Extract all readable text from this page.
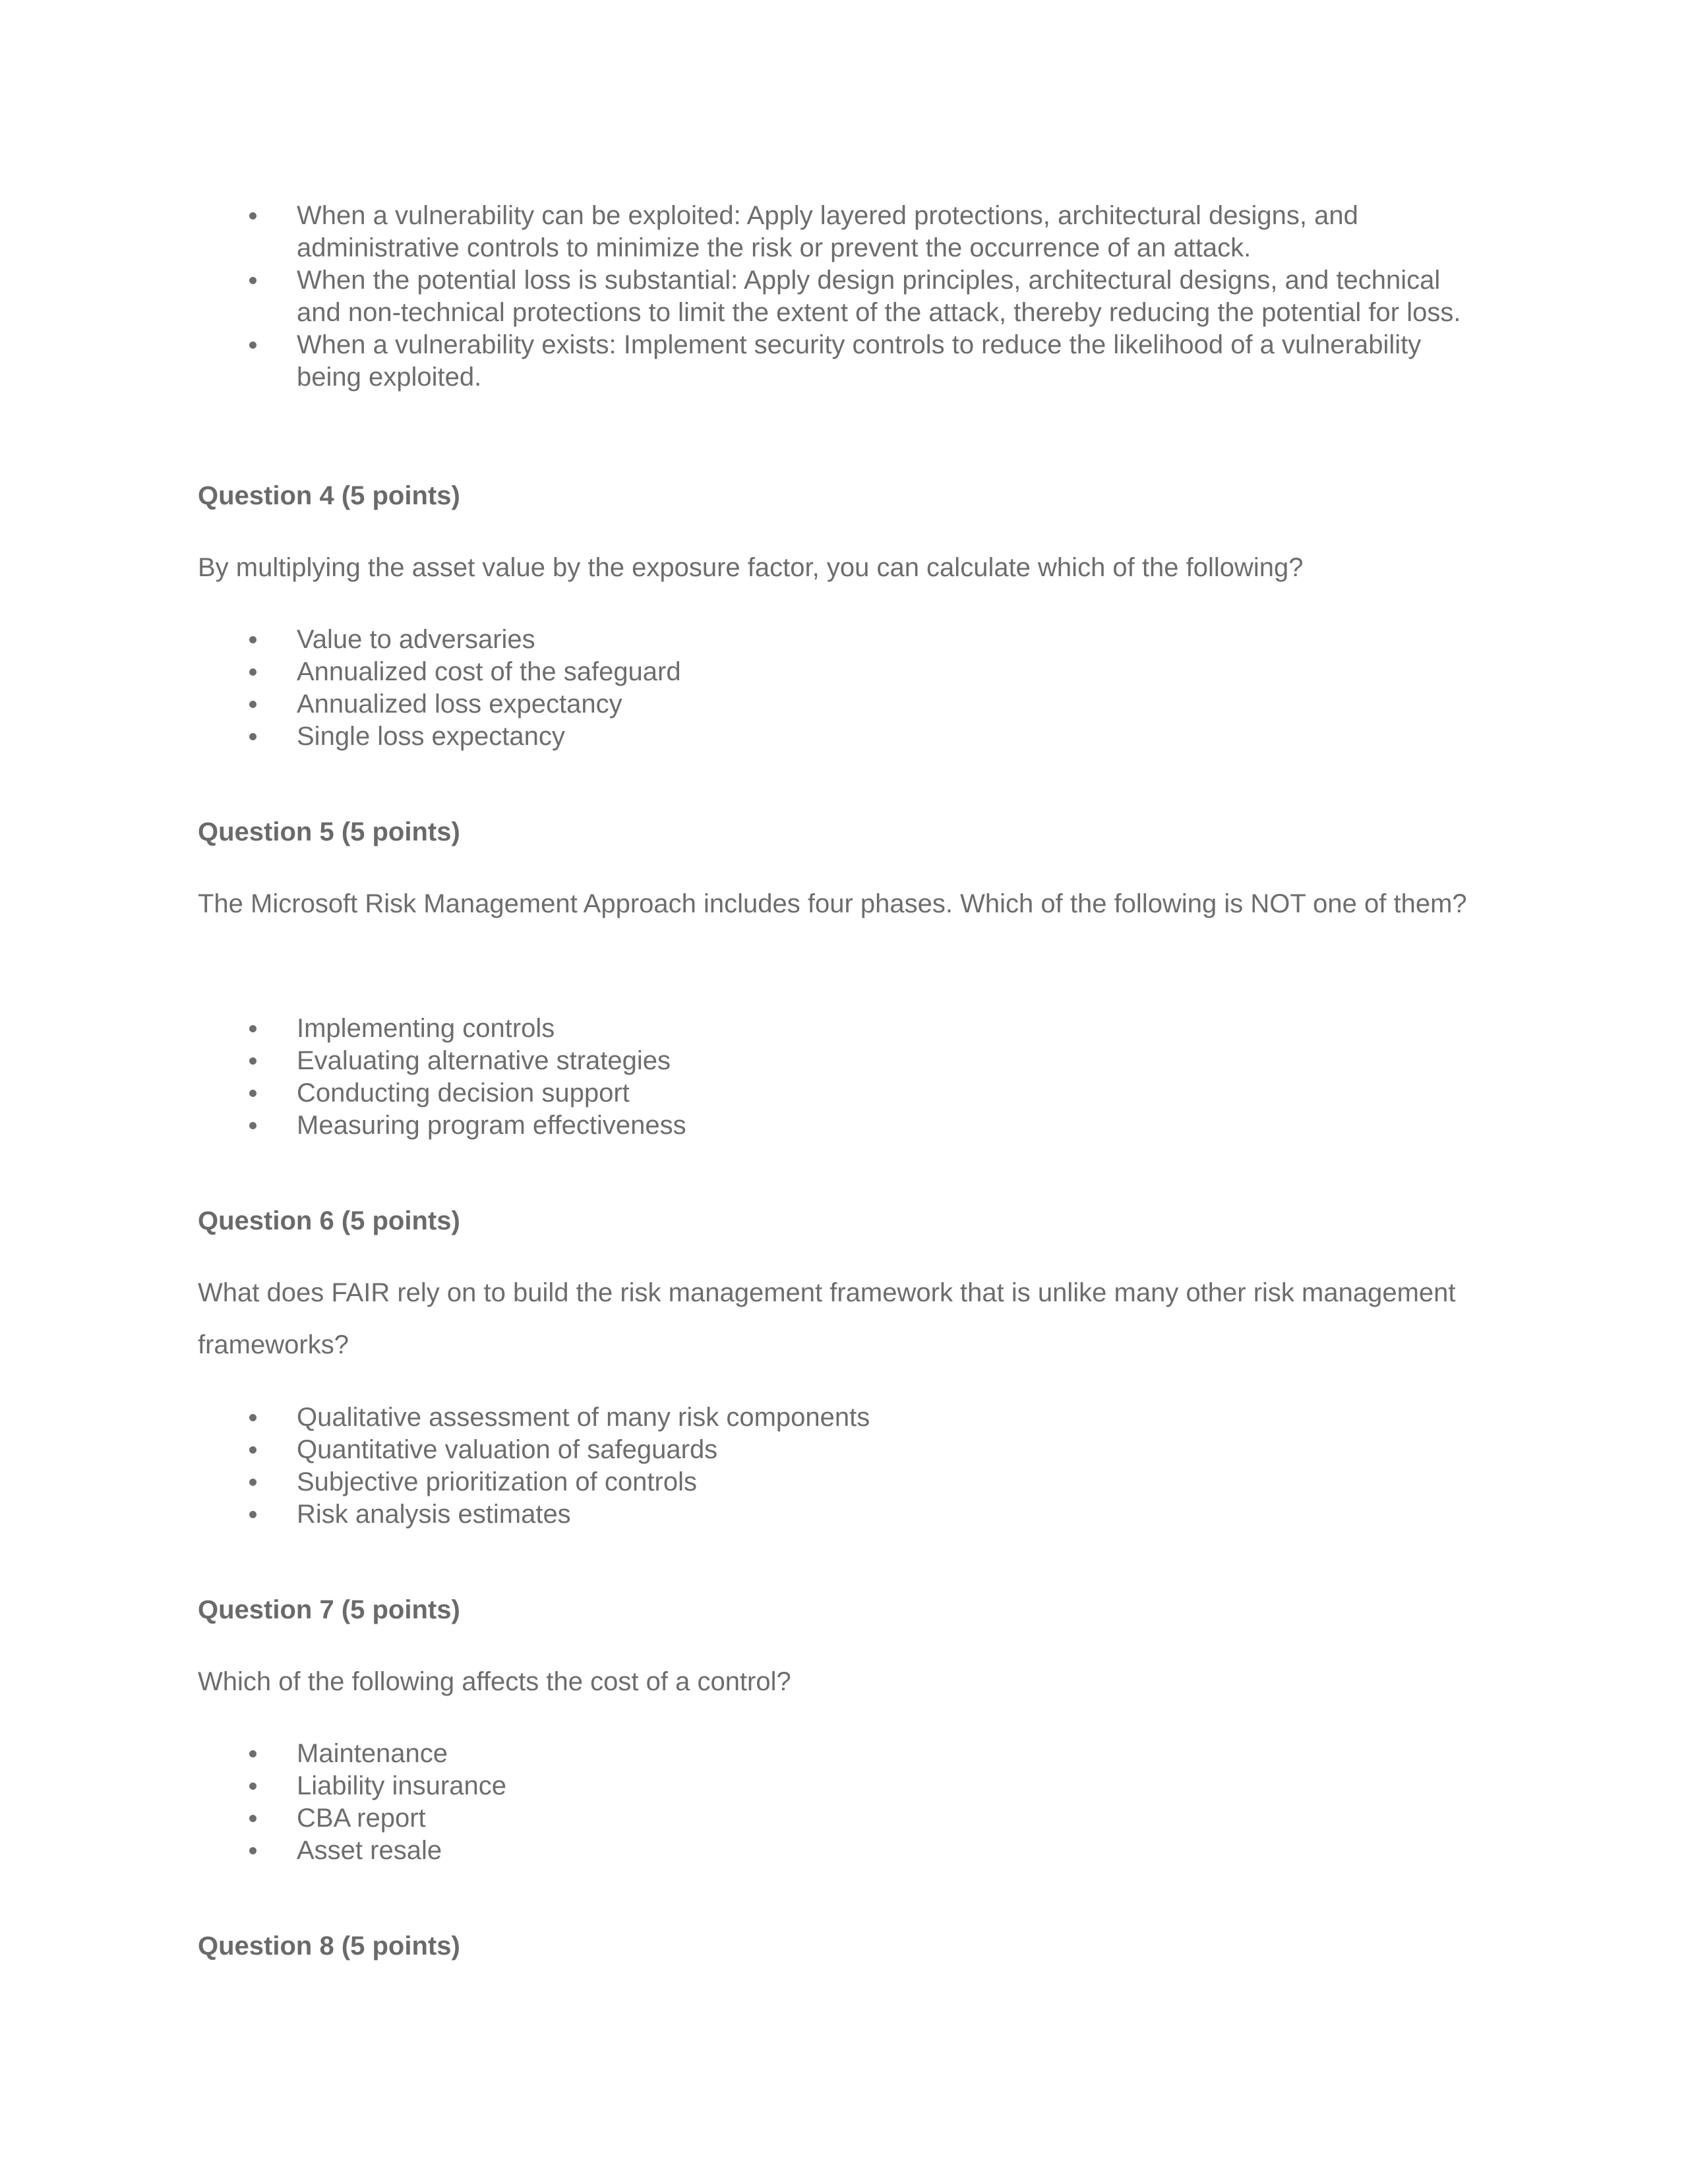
When a vulnerability can be exploited: Apply layered protections, architectural designs, and administrative controls to minimize the risk or prevent the occurrence of an attack.
When the potential loss is substantial: Apply design principles, architectural designs, and technical and non-technical protections to limit the extent of the attack, thereby reducing the potential for loss.
When a vulnerability exists: Implement security controls to reduce the likelihood of a vulnerability being exploited.
Question 4 (5 points)

By multiplying the asset value by the exposure factor, you can calculate which of the following?

Value to adversaries
Annualized cost of the safeguard
Annualized loss expectancy
Single loss expectancy
Question 5 (5 points)

The Microsoft Risk Management Approach includes four phases. Which of the following is NOT one of them?

Implementing controls
Evaluating alternative strategies
Conducting decision support
Measuring program effectiveness
Question 6 (5 points)

What does FAIR rely on to build the risk management framework that is unlike many other risk management frameworks?

Qualitative assessment of many risk components
Quantitative valuation of safeguards
Subjective prioritization of controls
Risk analysis estimates
Question 7 (5 points)

Which of the following affects the cost of a control?

Maintenance
Liability insurance
CBA report
Asset resale
Question 8 (5 points)
